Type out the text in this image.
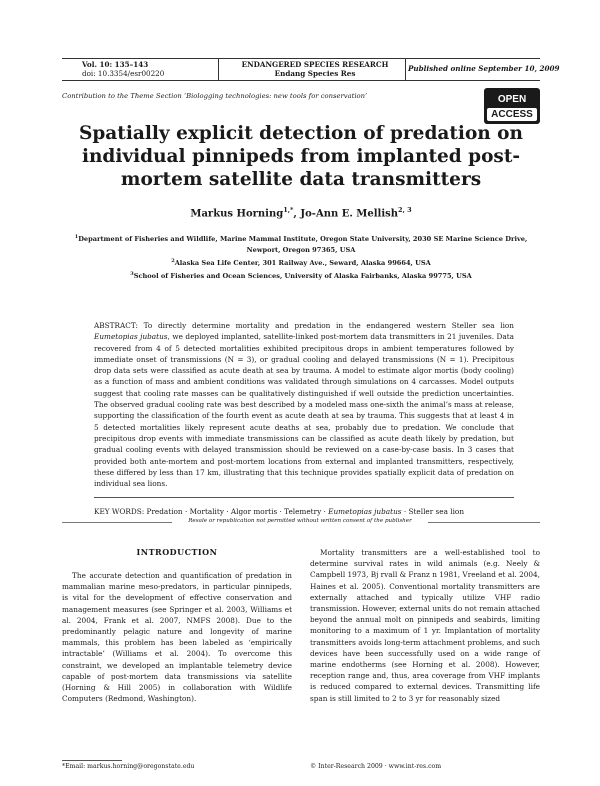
Vol. 10: 135–143
doi: 10.3354/esr00220
ENDANGERED SPECIES RESEARCH
Endang Species Res
Published online September 10, 2009
Contribution to the Theme Section ‘Biologging technologies: new tools for conservation’	OPEN
ACCESS
Spatially explicit detection of predation on individual pinnipeds from implanted post-mortem satellite data transmitters
Markus Horning$^{1,*}$, Jo-Ann E. Mellish$^{2, 3}$
$^1$Department of Fisheries and Wildlife, Marine Mammal Institute, Oregon State University, 2030 SE Marine Science Drive, Newport, Oregon 97365, USA
$^2$Alaska Sea Life Center, 301 Railway Ave., Seward, Alaska 99664, USA
$^3$School of Fisheries and Ocean Sciences, University of Alaska Fairbanks, Alaska 99775, USA
ABSTRACT: To directly determine mortality and predation in the endangered western Steller sea lion Eumetopias jubatus, we deployed implanted, satellite-linked post-mortem data transmitters in 21 juveniles. Data recovered from 4 of 5 detected mortalities exhibited precipitous drops in ambient temperatures followed by immediate onset of transmissions (N = 3), or gradual cooling and delayed transmissions (N = 1). Precipitous drop data sets were classified as acute death at sea by trauma. A model to estimate algor mortis (body cooling) as a function of mass and ambient conditions was validated through simulations on 4 carcasses. Model outputs suggest that cooling rate masses can be qualitatively distinguished if well outside the prediction uncertainties. The observed gradual cooling rate was best described by a modeled mass one-sixth the animal’s mass at release, supporting the classification of the fourth event as acute death at sea by trauma. This suggests that at least 4 in 5 detected mortalities likely represent acute deaths at sea, probably due to predation. We conclude that precipitous drop events with immediate transmissions can be classified as acute death likely by predation, but gradual cooling events with delayed transmission should be reviewed on a case-by-case basis. In 3 cases that provided both ante-mortem and post-mortem locations from external and implanted transmitters, respectively, these differed by less than 17 km, illustrating that this technique provides spatially explicit data of predation on individual sea lions.
KEY WORDS: Predation · Mortality · Algor mortis · Telemetry · Eumetopias jubatus · Steller sea lion
Resale or republication not permitted without written consent of the publisher
INTRODUCTION
The accurate detection and quantification of predation in mammalian marine meso-predators, in particular pinnipeds, is vital for the development of effective conservation and management measures (see Springer et al. 2003, Williams et al. 2004, Frank et al. 2007, NMFS 2008). Due to the predominantly pelagic nature and longevity of marine mammals, this problem has been labeled as ‘empirically intractable’ (Williams et al. 2004). To overcome this constraint, we developed an implantable telemetry device capable of post-mortem data transmissions via satellite (Horning & Hill 2005) in collaboration with Wildlife Computers (Redmond, Washington).
Mortality transmitters are a well-established tool to determine survival rates in wild animals (e.g. Neely & Campbell 1973, Bj rvall & Franz n 1981, Vreeland et al. 2004, Haines et al. 2005). Conventional mortality transmitters are externally attached and typically utilize VHF radio transmission. However, external units do not remain attached beyond the annual molt on pinnipeds and seabirds, limiting monitoring to a maximum of 1 yr. Implantation of mortality transmitters avoids long-term attachment problems, and such devices have been successfully used on a wide range of marine endotherms (see Horning et al. 2008). However, reception range and, thus, area coverage from VHF implants is reduced compared to external devices. Transmitting life span is still limited to 2 to 3 yr for reasonably sized
*Email: markus.horning@oregonstate.edu	© Inter-Research 2009 · www.int-res.com
